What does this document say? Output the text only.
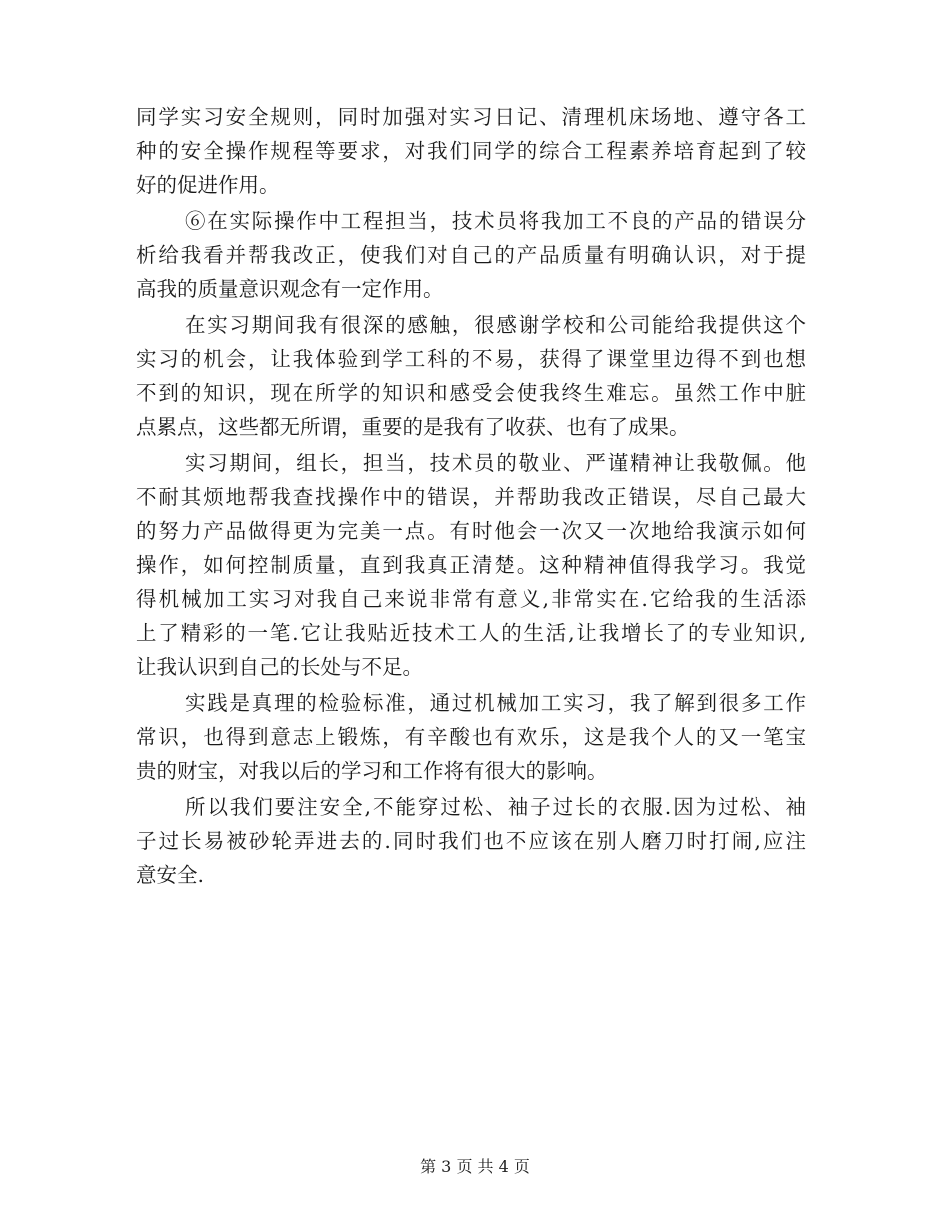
同学实习安全规则，同时加强对实习日记、清理机床场地、遵守各工
种的安全操作规程等要求，对我们同学的综合工程素养培育起到了较
好的促进作用。
⑥在实际操作中工程担当，技术员将我加工不良的产品的错误分
析给我看并帮我改正，使我们对自己的产品质量有明确认识，对于提
高我的质量意识观念有一定作用。
在实习期间我有很深的感触，很感谢学校和公司能给我提供这个
实习的机会，让我体验到学工科的不易，获得了课堂里边得不到也想
不到的知识，现在所学的知识和感受会使我终生难忘。虽然工作中脏
点累点，这些都无所谓，重要的是我有了收获、也有了成果。
实习期间，组长，担当，技术员的敬业、严谨精神让我敬佩。他
不耐其烦地帮我查找操作中的错误，并帮助我改正错误，尽自己最大
的努力产品做得更为完美一点。有时他会一次又一次地给我演示如何
操作，如何控制质量，直到我真正清楚。这种精神值得我学习。我觉
得机械加工实习对我自己来说非常有意义,非常实在.它给我的生活添
上了精彩的一笔.它让我贴近技术工人的生活,让我增长了的专业知识,
让我认识到自己的长处与不足。
实践是真理的检验标准，通过机械加工实习，我了解到很多工作
常识，也得到意志上锻炼，有辛酸也有欢乐，这是我个人的又一笔宝
贵的财宝，对我以后的学习和工作将有很大的影响。
所以我们要注安全,不能穿过松、袖子过长的衣服.因为过松、袖
子过长易被砂轮弄进去的.同时我们也不应该在别人磨刀时打闹,应注
意安全.
第 3 页 共 4 页
